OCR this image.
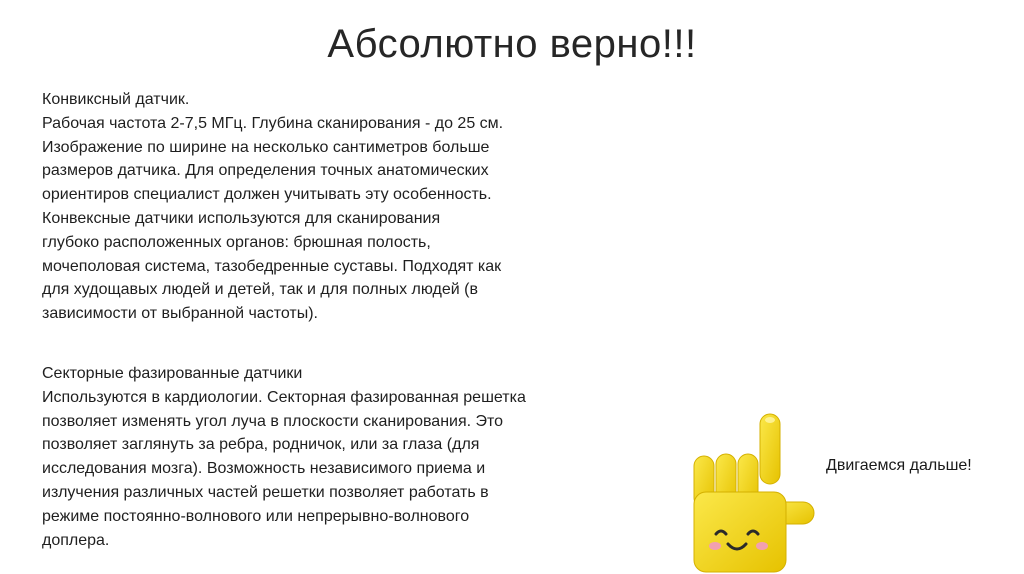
Абсолютно верно!!!
Конвиксный датчик.
Рабочая частота 2-7,5 МГц. Глубина сканирования - до 25 см.
Изображение по ширине на несколько сантиметров больше
размеров датчика. Для определения точных анатомических
ориентиров специалист должен учитывать эту особенность.
Конвексные датчики используются для сканирования
глубоко расположенных органов: брюшная полость,
мочеполовая система, тазобедренные суставы. Подходят как
для худощавых людей и детей, так и для полных людей (в
зависимости от выбранной частоты).
Секторные фазированные датчики
Используются в кардиологии. Секторная фазированная решетка
позволяет изменять угол луча в плоскости сканирования. Это
позволяет заглянуть за ребра, родничок, или за глаза (для
исследования мозга). Возможность независимого приема и
излучения различных частей решетки позволяет работать в
режиме постоянно-волнового или непрерывно-волнового
доплера.
Двигаемся дальше!
